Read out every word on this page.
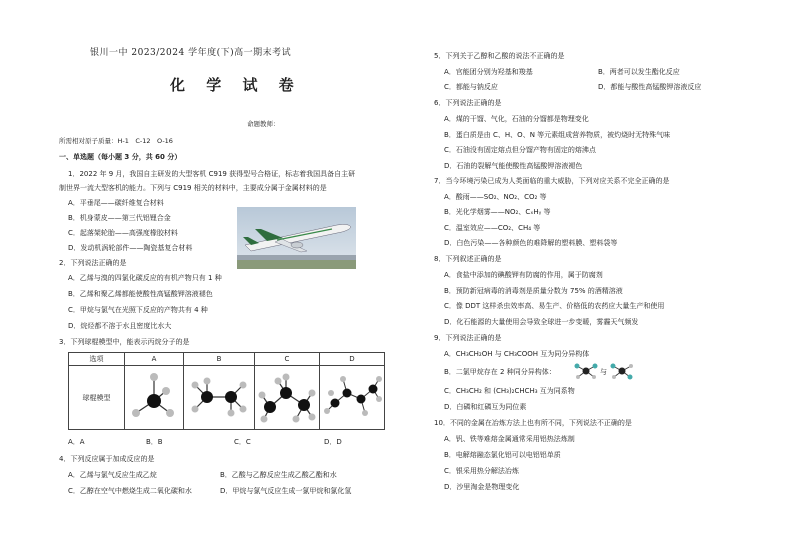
银川一中 2023/2024 学年度(下)高一期末考试
化 学 试 卷
命题教师：
所需相对原子质量：H-1　C-12　O-16
一、单选题（每小题 3 分，共 60 分）
1．2022 年 9 月，我国自主研发的大型客机 C919 获得型号合格证，标志着我国具备自主研
制世界一流大型客机的能力。下列与 C919 相关的材料中，主要成分属于金属材料的是
A．平垂尾——碳纤维复合材料
B．机身蒙皮——第三代铝锂合金
C．起落架轮胎——高强度橡胶材料
D．发动机涡轮部件——陶瓷基复合材料
2．下列说法正确的是
A．乙烯与溴的四氯化碳反应的有机产物只有 1 种
B．乙烯和聚乙烯都能使酸性高锰酸钾溶液褪色
C．甲烷与氯气在光照下反应的产物共有 4 种
D．烷烃都不溶于水且密度比水大
3．下列球棍模型中，能表示丙烷分子的是
选项	A	B	C	D
球棍模型				
A．A	B．B	C．C	D．D
4．下列反应属于加成反应的是
A．乙烯与氯气反应生成乙烷	B．乙酸与乙醇反应生成乙酸乙酯和水
C．乙醇在空气中燃烧生成二氧化碳和水	D．甲烷与氯气反应生成一氯甲烷和氯化氢
5．下列关于乙醇和乙酸的说法不正确的是
A．官能团分别为羟基和羧基	B．两者可以发生酯化反应
C．都能与钠反应	D．都能与酸性高锰酸钾溶液反应
6．下列说法正确的是
A．煤的干馏、气化，石油的分馏都是物理变化
B．蛋白质是由 C、H、O、N 等元素组成营养物质，被灼烧时无特殊气味
C．石油没有固定熔点但分馏产物有固定的熔沸点
D．石油的裂解气能使酸性高锰酸钾溶液褪色
7．当今环境污染已成为人类面临的重大威胁，下列对应关系不完全正确的是
A．酸雨——SO₂、NO₂、CO₂ 等
B．光化学烟雾——NO₂、CₓHᵧ 等
C．温室效应——CO₂、CH₄ 等
D．白色污染——各种颜色的难降解的塑料膜、塑料袋等
8．下列叙述正确的是
A．食盐中添加的碘酸钾有防腐的作用，属于防腐剂
B．预防新冠病毒的消毒剂是质量分数为 75% 的酒精溶液
C．像 DDT 这样杀虫效率高、易生产、价格低的农药应大量生产和使用
D．化石能源的大量使用会导致全球进一步变暖，雾霾天气频发
9．下列说法正确的是
A．CH₃CH₂OH 与 CH₃COOH 互为同分异构体
B．二氯甲烷存在 2 种同分异构体：	与
C．CH₃CH₂ 和 (CH₃)₂CHCH₃ 互为同系物
D．白磷和红磷互为同位素
10．不同的金属在冶炼方法上也有所不同，下列说法不正确的是
A．钒、铁等难熔金属通常采用铝热法炼制
B．电解熔融态氯化铝可以电铝铝单质
C．银采用热分解法冶炼
D．沙里淘金是物理变化
